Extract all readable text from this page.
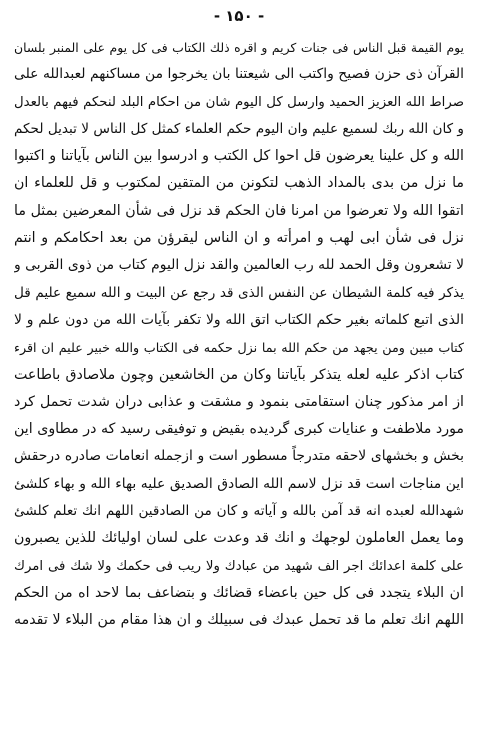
- ۱۵۰ -
يوم القيمة قبل الناس فى جنات كريم و اقره ذلك الكتاب فى كل يوم على المنبر بلسان
القرآن ذى حزن فصيح واكتب الى شيعتنا بان يخرجوا من مساكنهم لعبدالله على
صراط الله العزيز الحميد وارسل كل اليوم شان من احكام البلد لنحكم فيهم بالعدل
و كان الله ربك لسميع عليم وان اليوم حكم العلماء كمثل كل الناس لا تبديل لحكم
الله و كل علينا يعرضون قل احوا كل الكتب و ادرسوا بين الناس بآياتنا و اكتبوا
ما نزل من بدى بالمداد الذهب لتكونن من المتقين لمكتوب و قل للعلماء ان
اتقوا الله ولا تعرضوا من امرنا فان الحكم قد نزل فى شأن المعرضين بمثل ما
نزل فى شأن ابى لهب و امرأته و ان الناس ليقرؤن من بعد احكامكم و انتم
لا تشعرون وقل الحمد لله رب العالمين والقد نزل اليوم كتاب من ذوى القربى و
يذكر فيه كلمة الشيطان عن النفس الذى قد رجع عن البيت و الله سميع عليم قل
الذى اتبع كلماته بغير حكم الكتاب اتق الله ولا تكفر بآيات الله من دون علم و لا
كتاب مبين ومن يجهد من حكم الله بما نزل حكمه فى الكتاب والله خبير عليم ان اقرء
كتاب اذكر عليه لعله يتذكر بآياتنا وكان من الخاشعين وچون ملاصادق باطاعت
از امر مذکور چنان استقامتى بنمود و مشقت و عذابى دران شدت تحمل کرد
مورد ملاطفت و عنايات كبرى گرديده بقيض و توفيقى رسيد كه در مطاوى اين
بخش و بخشهاى لاحقه متدرجاً مسطور است و ازجمله انعامات صادره درحقش
اين مناجات است قد نزل لاسم الله الصادق الصديق عليه بهاء الله و بهاء كلشئ
شهدالله لعبده انه قد آمن بالله و آياته و كان من الصادقين اللهم انك تعلم كلشئ
وما يعمل العاملون لوجهك و انك قد وعدت على لسان اوليائك للذين يصبرون
على كلمة اعدائك اجر الف شهيد من عبادك ولا ريب فى حكمك ولا شك فى امرك
ان البلاء يتجدد فى كل حين باعضاء قضائك و بتضاعف بما لاحد اه من الحكم
اللهم انك تعلم ما قد تحمل عبدك فى سبيلك و ان هذا مقام من البلاء لا تقدمه
